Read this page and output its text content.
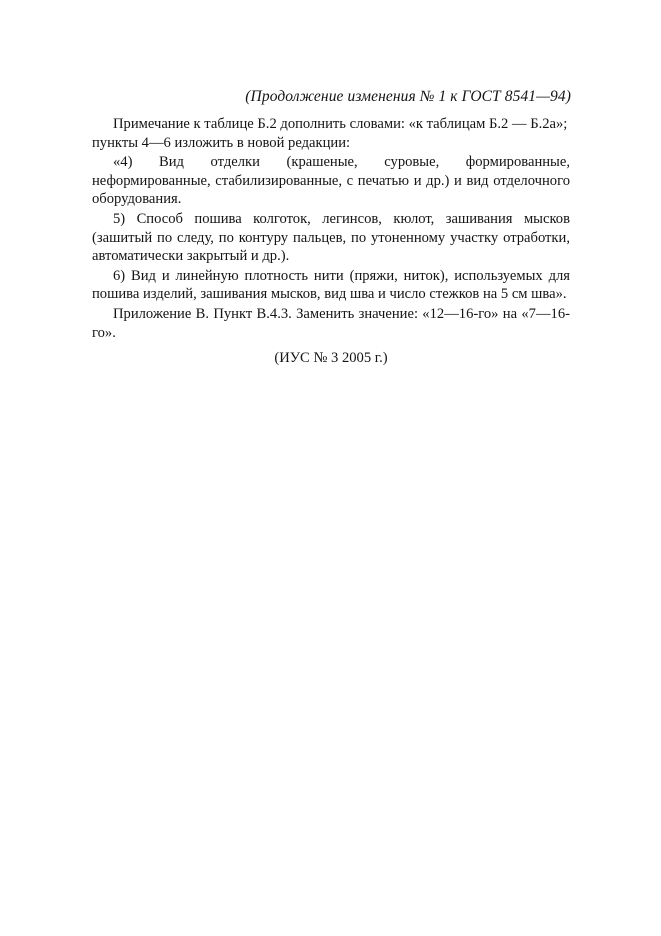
(Продолжение изменения № 1 к ГОСТ 8541—94)

Примечание к таблице Б.2 дополнить словами: «к таблицам Б.2 — Б.2а»; пункты 4—6 изложить в новой редакции:

«4) Вид отделки (крашеные, суровые, формированные, неформированные, стабилизированные, с печатью и др.) и вид отделочного оборудования.

5) Способ пошива колготок, легинсов, кюлот, зашивания мысков (зашитый по следу, по контуру пальцев, по утоненному участку отработки, автоматически закрытый и др.).

6) Вид и линейную плотность нити (пряжи, ниток), используемых для пошива изделий, зашивания мысков, вид шва и число стежков на 5 см шва».

Приложение В. Пункт В.4.3. Заменить значение: «12—16-го» на «7—16-го».

(ИУС № 3 2005 г.)
